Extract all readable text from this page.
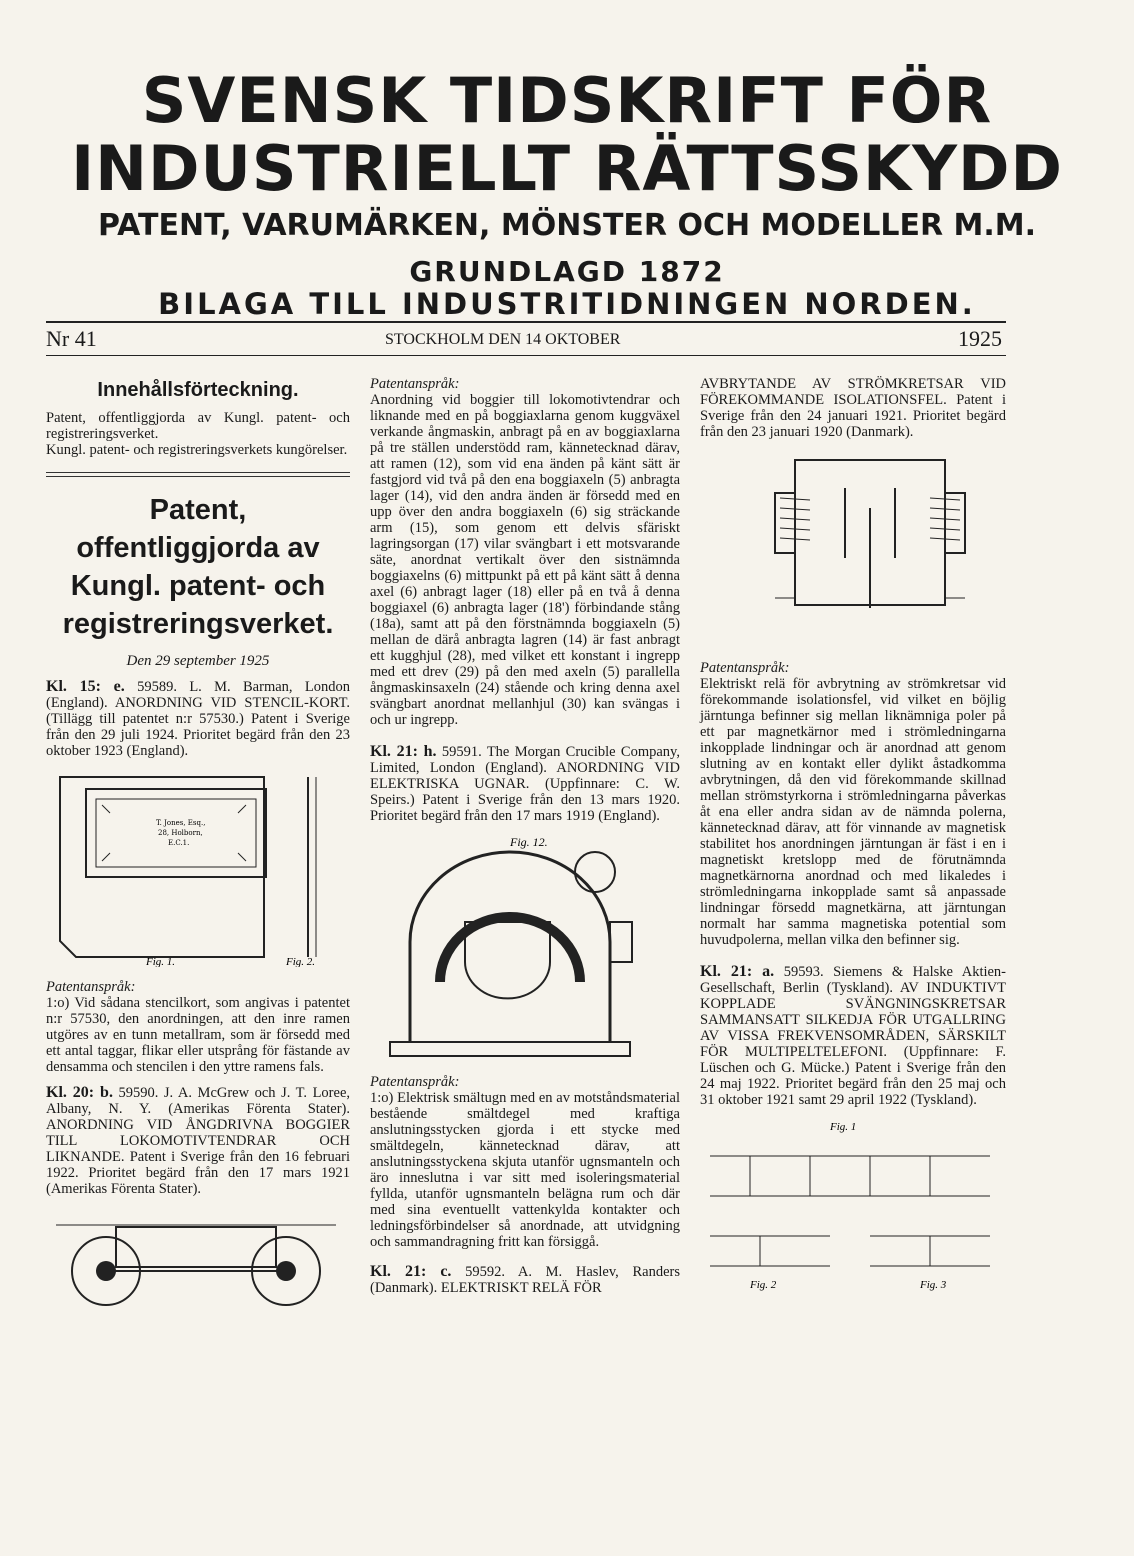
SVENSK TIDSKRIFT FÖR
INDUSTRIELLT RÄTTSSKYDD
PATENT, VARUMÄRKEN, MÖNSTER OCH MODELLER M.M.
GRUNDLAGD 1872
BILAGA TILL INDUSTRITIDNINGEN NORDEN.
Nr 41	STOCKHOLM DEN 14 OKTOBER	1925
Innehållsförteckning.

Patent, offentliggjorda av Kungl. patent- och registreringsverket.

Kungl. patent- och registreringsverkets kungörelser.

Patent, offentliggjorda av Kungl. patent- och registreringsverket.
Den 29 september 1925

Kl. 15: e. 59589. L. M. Barman, London (England). ANORDNING VID STENCIL-KORT. (Tillägg till patentet n:r 57530.) Patent i Sverige från den 29 juli 1924. Prioritet begärd från den 23 oktober 1923 (England).

T. Jones, Esq.,
28, Holborn,
E.C.1.
Fig. 1.	Fig. 2.

Patentanspråk:

1:o) Vid sådana stencilkort, som angivas i patentet n:r 57530, den anordningen, att den inre ramen utgöres av en tunn metallram, som är försedd med ett antal taggar, flikar eller utsprång för fästande av densamma och stencilen i den yttre ramens fals.

Kl. 20: b. 59590. J. A. McGrew och J. T. Loree, Albany, N. Y. (Amerikas Förenta Stater). ANORDNING VID ÅNGDRIVNA BOGGIER TILL LOKOMOTIVTENDRAR OCH LIKNANDE. Patent i Sverige från den 16 februari 1922. Prioritet begärd från den 17 mars 1921 (Amerikas Förenta Stater).

Patentanspråk:

Anordning vid boggier till lokomotivtendrar och liknande med en på boggiaxlarna genom kuggväxel verkande ångmaskin, anbragt på en av boggiaxlarna på tre ställen understödd ram, kännetecknad därav, att ramen (12), som vid ena änden på känt sätt är fastgjord vid två på den ena boggiaxeln (5) anbragta lager (14), vid den andra änden är försedd med en upp över den andra boggiaxeln (6) sig sträckande arm (15), som genom ett delvis sfäriskt lagringsorgan (17) vilar svängbart i ett motsvarande säte, anordnat vertikalt över den sistnämnda boggiaxelns (6) mittpunkt på ett på känt sätt å denna axel (6) anbragt lager (18) eller på en två å denna boggiaxel (6) anbragta lager (18') förbindande stång (18a), samt att på den förstnämnda boggiaxeln (5) mellan de därå anbragta lagren (14) är fast anbragt ett kugghjul (28), med vilket ett konstant i ingrepp med ett drev (29) på den med axeln (5) parallella ångmaskinsaxeln (24) stående och kring denna axel svängbart anordnat mellanhjul (30) kan svängas i och ur ingrepp.

Kl. 21: h. 59591. The Morgan Crucible Company, Limited, London (England). ANORDNING VID ELEKTRISKA UGNAR. (Uppfinnare: C. W. Speirs.) Patent i Sverige från den 13 mars 1920. Prioritet begärd från den 17 mars 1919 (England).

Fig. 12.

Patentanspråk:

1:o) Elektrisk smältugn med en av motståndsmaterial bestående smältdegel med kraftiga anslutningsstycken gjorda i ett stycke med smältdegeln, kännetecknad därav, att anslutningsstyckena skjuta utanför ugnsmanteln och äro inneslutna i var sitt med isoleringsmaterial fyllda, utanför ugnsmanteln belägna rum och där med sina eventuellt vattenkylda kontakter och ledningsförbindelser så anordnade, att utvidgning och sammandragning fritt kan försiggå.

Kl. 21: c. 59592. A. M. Haslev, Randers (Danmark). ELEKTRISKT RELÄ FÖR

AVBRYTANDE AV STRÖMKRETSAR VID FÖREKOMMANDE ISOLATIONSFEL. Patent i Sverige från den 24 januari 1921. Prioritet begärd från den 23 januari 1920 (Danmark).

Patentanspråk:

Elektriskt relä för avbrytning av strömkretsar vid förekommande isolationsfel, vid vilket en böjlig järntunga befinner sig mellan liknämniga poler på ett par magnetkärnor med i strömledningarna inkopplade lindningar och är anordnad att genom slutning av en kontakt eller dylikt åstadkomma avbrytningen, då den vid förekommande skillnad mellan strömstyrkorna i strömledningarna påverkas åt ena eller andra sidan av de nämnda polerna, kännetecknad därav, att för vinnande av magnetisk stabilitet hos anordningen järntungan är fäst i en i magnetiskt kretslopp med de förutnämnda magnetkärnorna anordnad och med likaledes i strömledningarna inkopplade samt så anpassade lindningar försedd magnetkärna, att järntungan normalt har samma magnetiska potential som huvudpolerna, mellan vilka den befinner sig.

Kl. 21: a. 59593. Siemens & Halske Aktien-Gesellschaft, Berlin (Tyskland). AV INDUKTIVT KOPPLADE SVÄNGNINGSKRETSAR SAMMANSATT SILKEDJA FÖR UTGALLRING AV VISSA FREKVENSOMRÅDEN, SÄRSKILT FÖR MULTIPELTELEFONI. (Uppfinnare: F. Lüschen och G. Mücke.) Patent i Sverige från den 24 maj 1922. Prioritet begärd från den 25 maj och 31 oktober 1921 samt 29 april 1922 (Tyskland).

Fig. 1
Fig. 2	Fig. 3
